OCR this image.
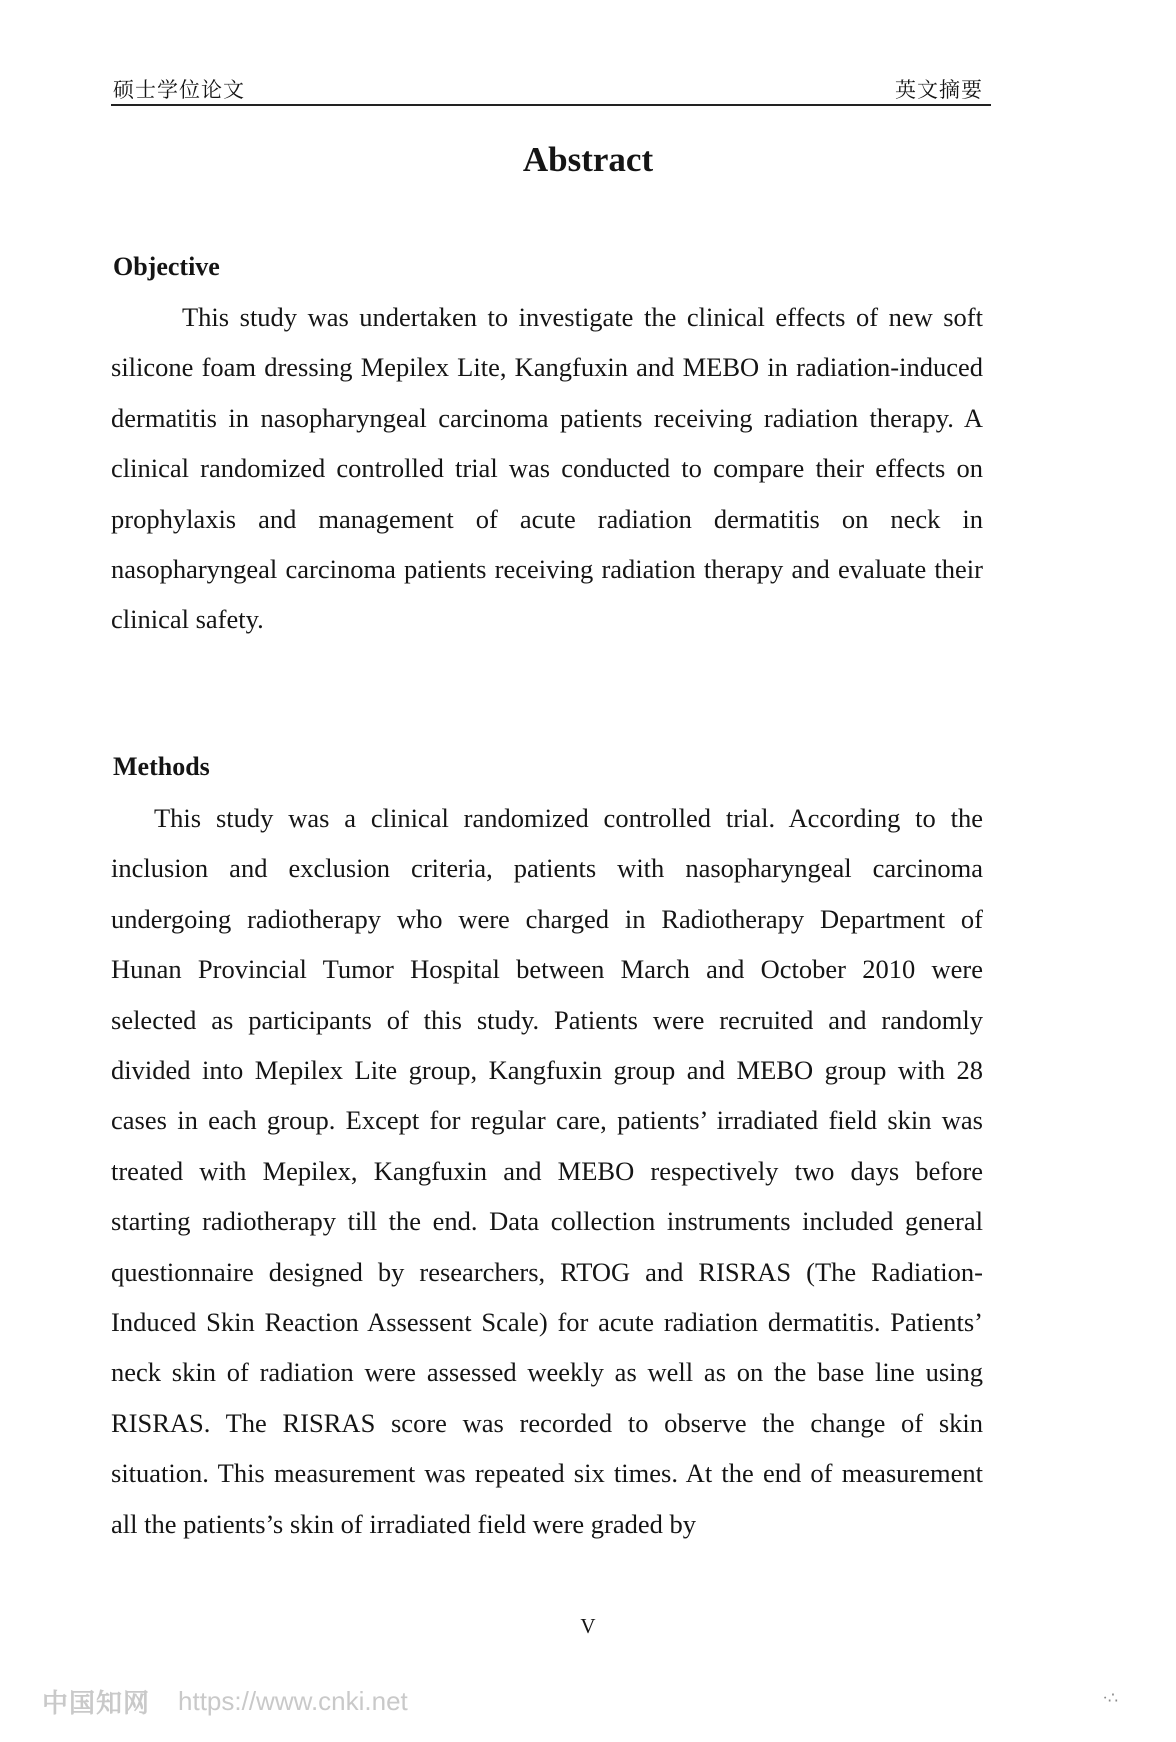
硕士学位论文	英文摘要
Abstract
Objective
This study was undertaken to investigate the clinical effects of new soft silicone foam dressing Mepilex Lite, Kangfuxin and MEBO in radiation-induced dermatitis in nasopharyngeal carcinoma patients receiving radiation therapy. A clinical randomized controlled trial was conducted to compare their effects on prophylaxis and management of acute radiation dermatitis on neck in nasopharyngeal carcinoma patients receiving radiation therapy and evaluate their clinical safety.
Methods
This study was a clinical randomized controlled trial. According to the inclusion and exclusion criteria, patients with nasopharyngeal carcinoma undergoing radiotherapy who were charged in Radiotherapy Department of Hunan Provincial Tumor Hospital between March and October 2010 were selected as participants of this study. Patients were recruited and randomly divided into Mepilex Lite group, Kangfuxin group and MEBO group with 28 cases in each group. Except for regular care, patients’ irradiated field skin was treated with Mepilex, Kangfuxin and MEBO respectively two days before starting radiotherapy till the end. Data collection instruments included general questionnaire designed by researchers, RTOG and RISRAS (The Radiation-Induced Skin Reaction Assessent Scale) for acute radiation dermatitis. Patients’ neck skin of radiation were assessed weekly as well as on the base line using RISRAS. The RISRAS score was recorded to observe the change of skin situation. This measurement was repeated six times. At the end of measurement all the patients’s skin of irradiated field were graded by
V
中国知网 https://www.cnki.net	·∴
